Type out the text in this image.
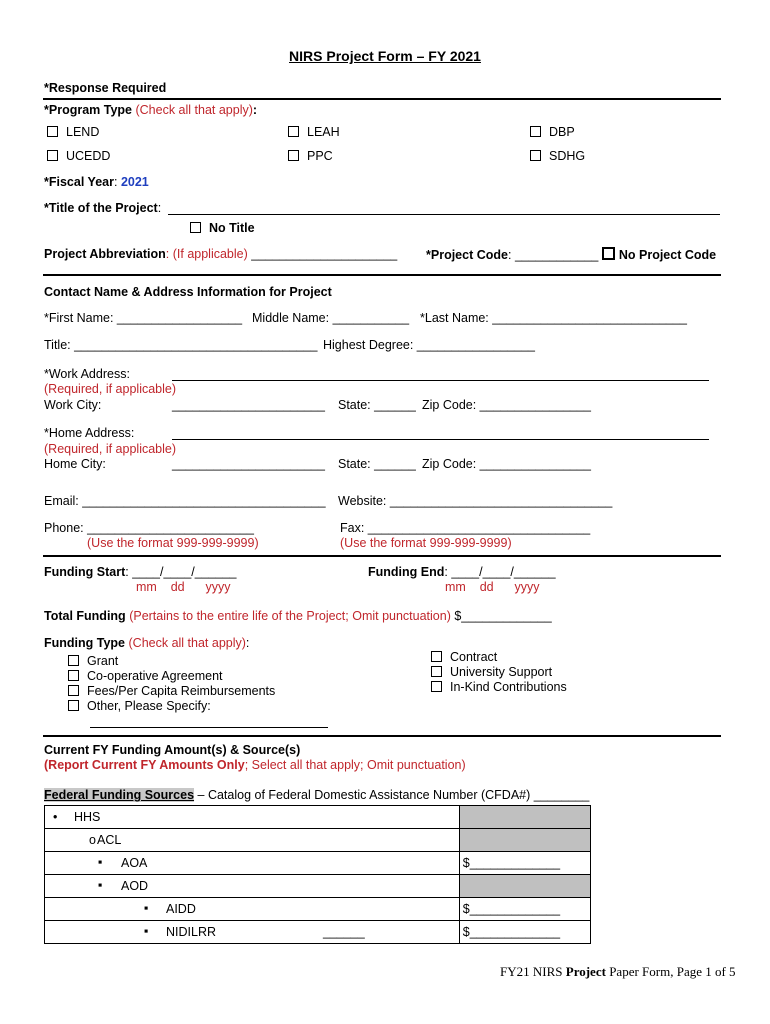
NIRS Project Form – FY 2021
*Response Required
*Program Type (Check all that apply):
LEND	LEAH	DBP
UCEDD	PPC	SDHG
*Fiscal Year: 2021
*Title of the Project:
No Title
Project Abbreviation: (If applicable) _____________________ *Project Code: ____________ No Project Code
Contact Name & Address Information for Project
*First Name: __________________ Middle Name: ___________ *Last Name: ____________________________
Title: ___________________________________ Highest Degree: _________________
*Work Address:
(Required, if applicable)
Work City:	______________________ State: ______ Zip Code: ________________
*Home Address:
(Required, if applicable)
Home City:	______________________ State: ______ Zip Code: ________________
Email: ___________________________________ Website: ________________________________
Phone: ________________________
(Use the format 999-999-9999)
Fax: ________________________________
(Use the format 999-999-9999)
Funding Start: ____/____/______
mm    dd      yyyy
Funding End: ____/____/______
mm    dd      yyyy
Total Funding (Pertains to the entire life of the Project; Omit punctuation) $_____________
Funding Type (Check all that apply):
Grant
Co-operative Agreement
Fees/Per Capita Reimbursements
Other, Please Specify:
Contract
University Support
In-Kind Contributions
Current FY Funding Amount(s) & Source(s)
(Report Current FY Amounts Only; Select all that apply; Omit punctuation)
Federal Funding Sources – Catalog of Federal Domestic Assistance Number (CFDA#) ________
• HHS	

o ACL	

▪ AOA	$_____________

▪ AOD	

▪ AIDD	$_____________

▪ NIDILRR ______	$_____________
FY21 NIRS Project Paper Form, Page 1 of 5
